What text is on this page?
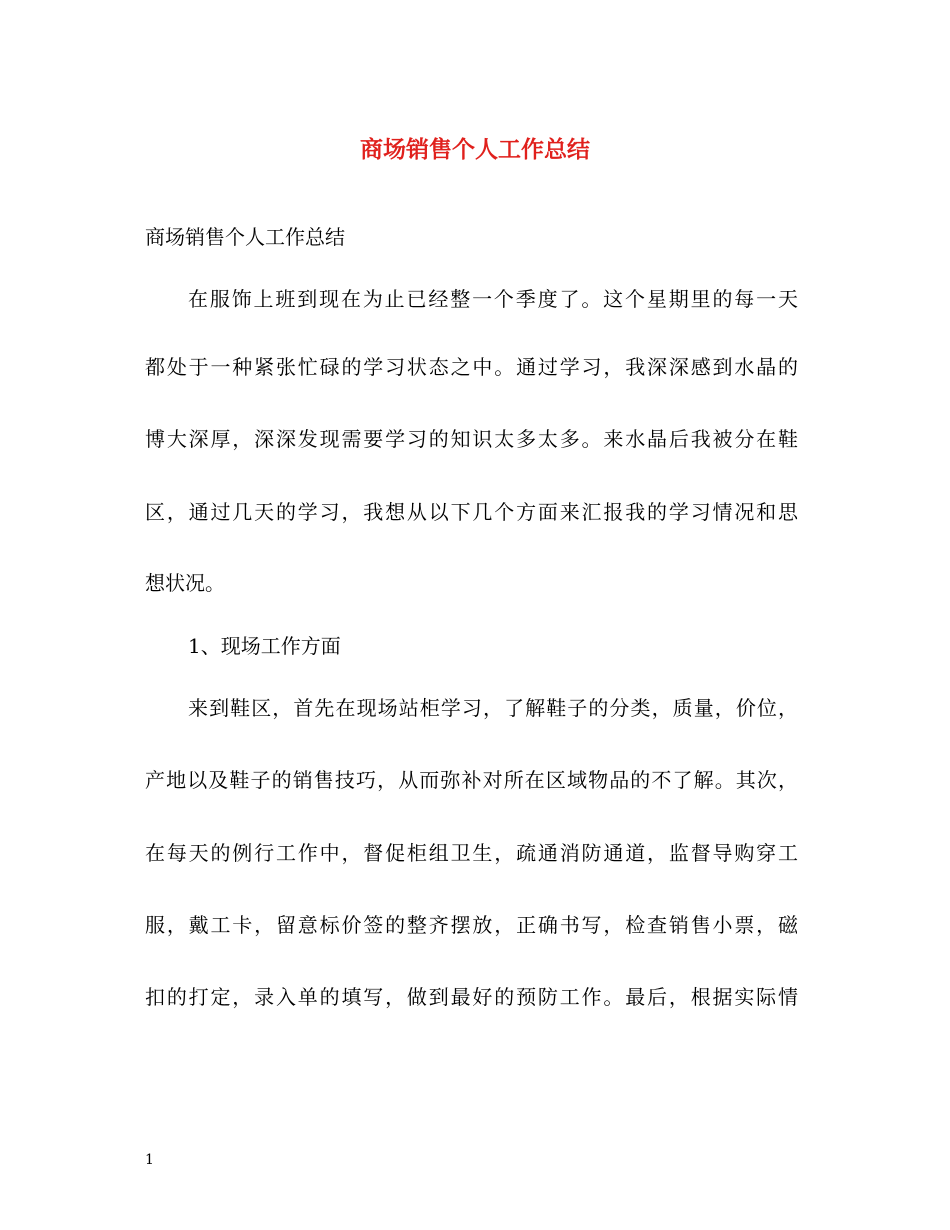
商场销售个人工作总结
商场销售个人工作总结
在服饰上班到现在为止已经整一个季度了。这个星期里的每一天
都处于一种紧张忙碌的学习状态之中。通过学习，我深深感到水晶的
博大深厚，深深发现需要学习的知识太多太多。来水晶后我被分在鞋
区，通过几天的学习，我想从以下几个方面来汇报我的学习情况和思
想状况。
1、现场工作方面
来到鞋区，首先在现场站柜学习，了解鞋子的分类，质量，价位，
产地以及鞋子的销售技巧，从而弥补对所在区域物品的不了解。其次，
在每天的例行工作中，督促柜组卫生，疏通消防通道，监督导购穿工
服，戴工卡，留意标价签的整齐摆放，正确书写，检查销售小票，磁
扣的打定，录入单的填写，做到最好的预防工作。最后，根据实际情
1
